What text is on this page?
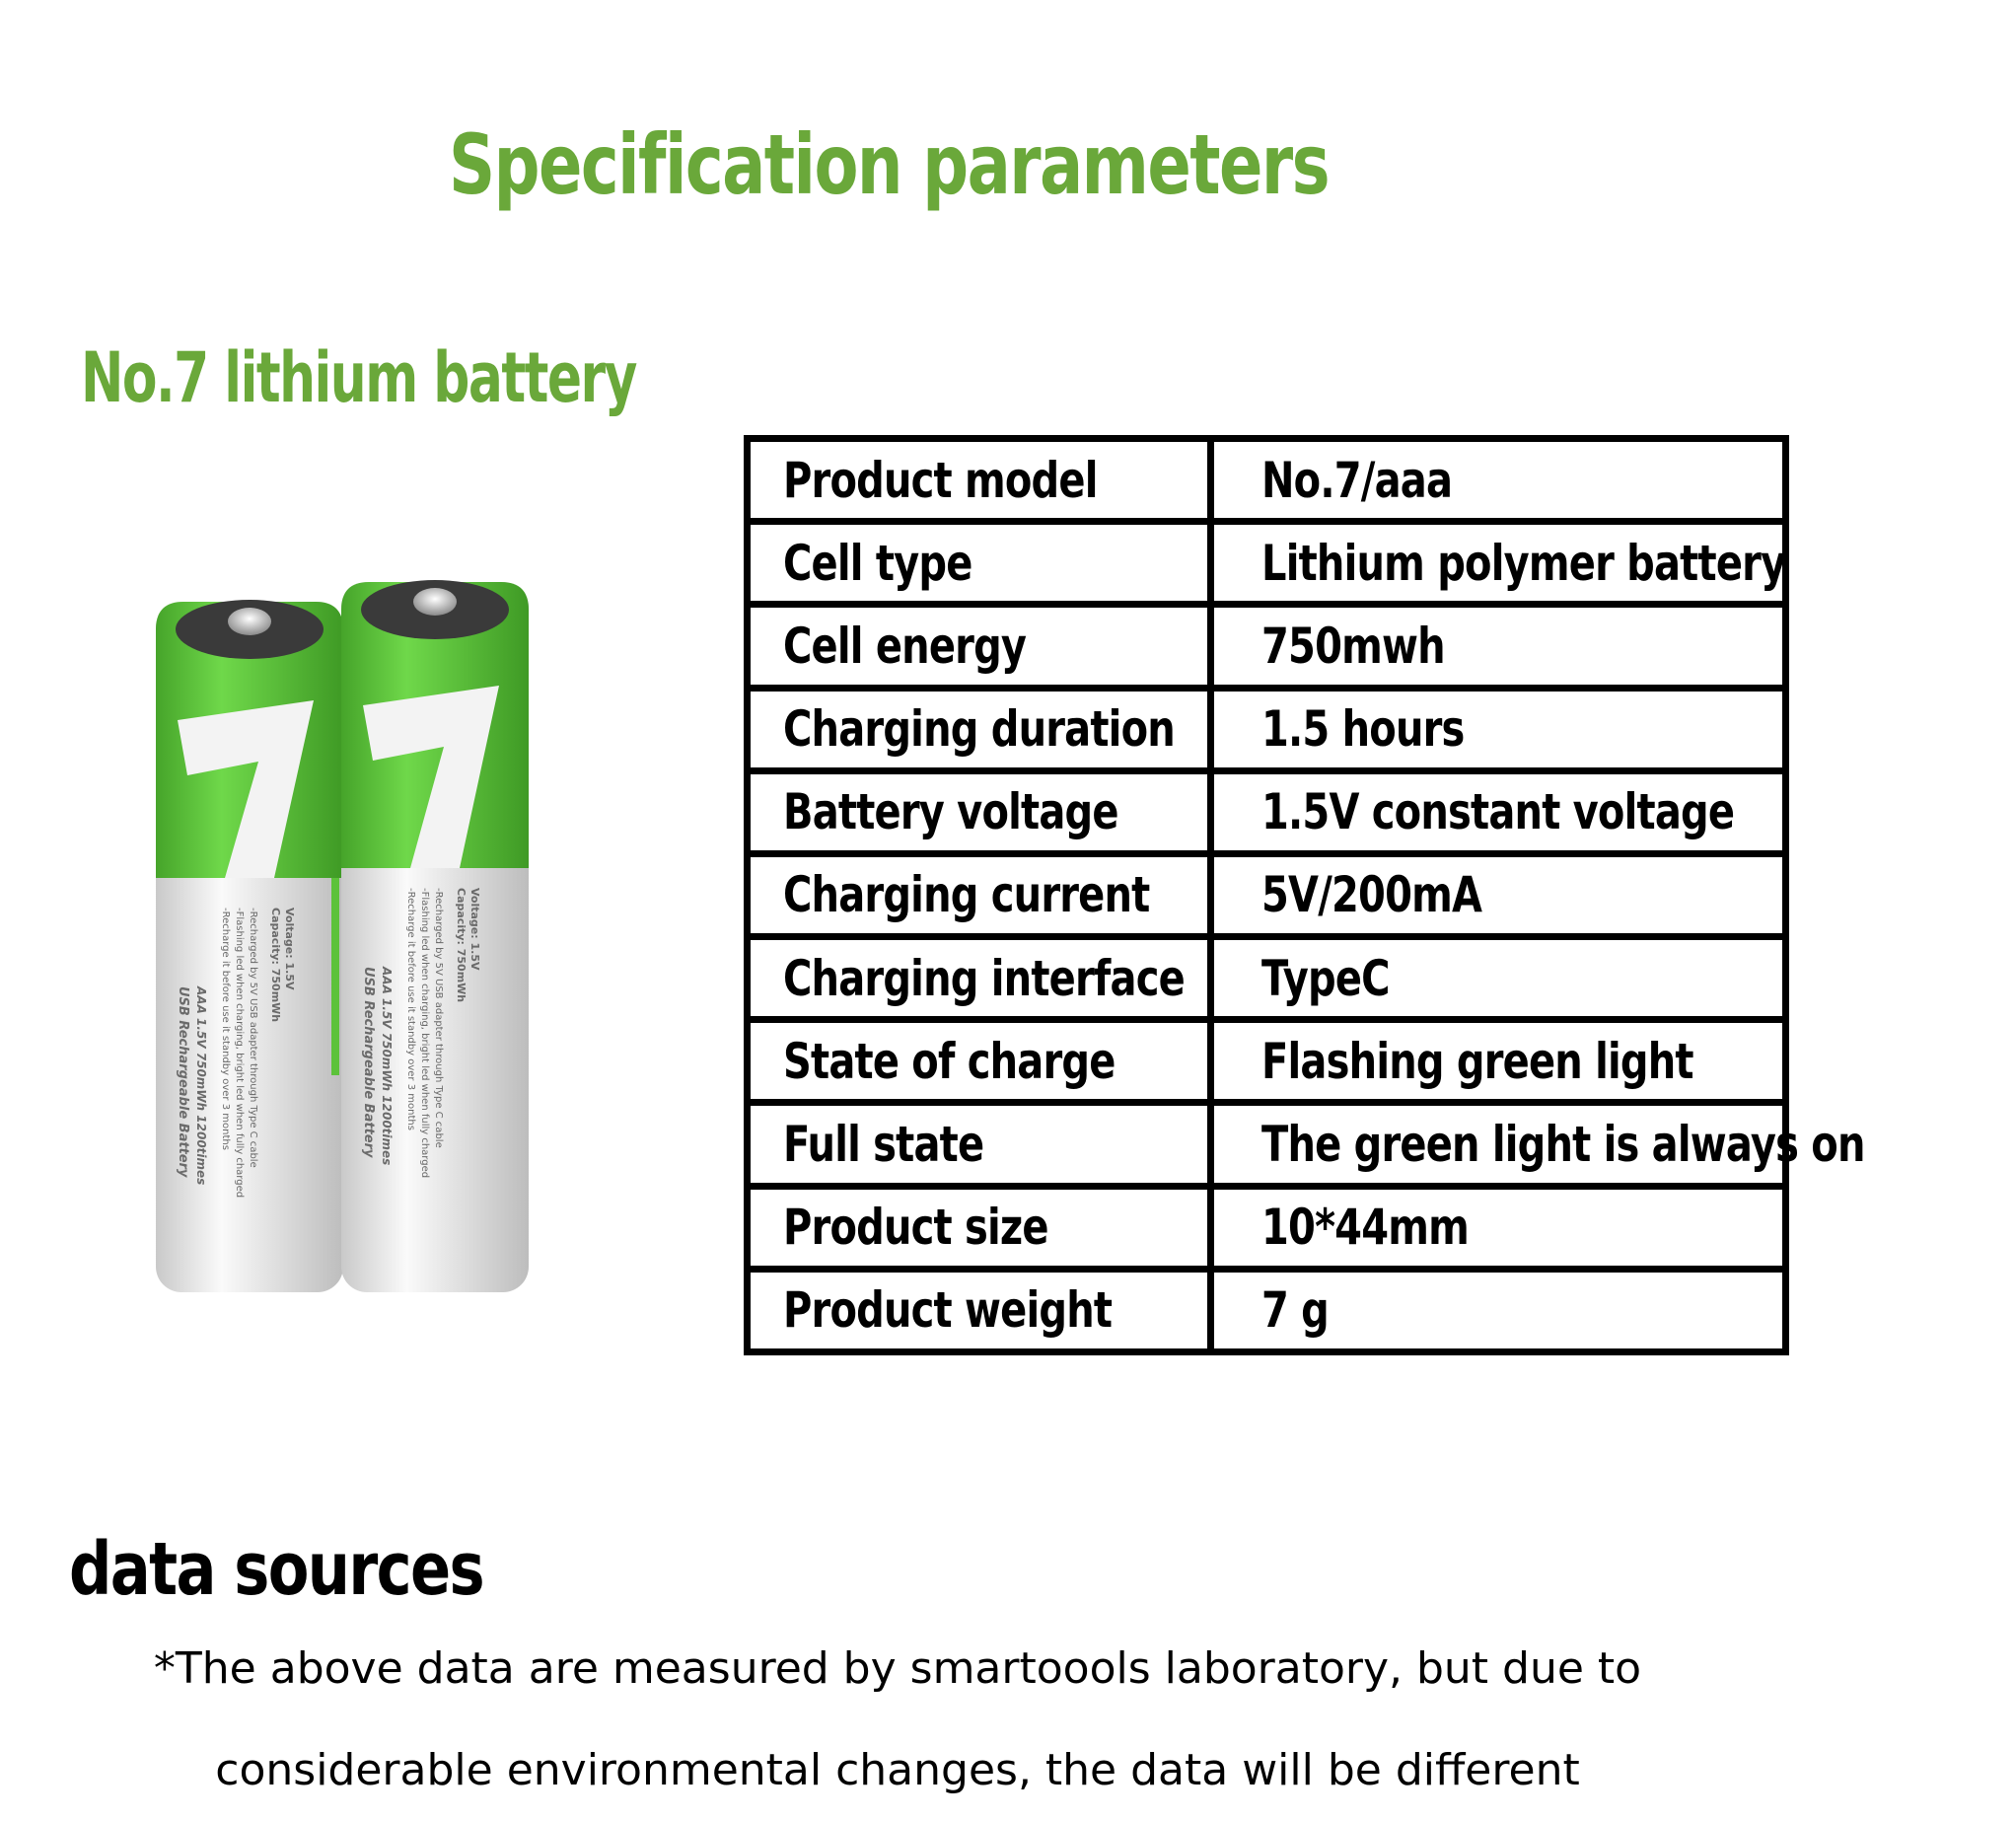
Specification parameters
No.7 lithium battery
Voltage: 1.5V
Capacity: 750mWh
-Recharged by 5V USB adapter through Type C cable
-Flashing led when charging, bright led when fully charged
-Recharge it before use it standby over 3 months
AAA 1.5V 750mWh 1200times
USB Rechargeable Battery
Voltage: 1.5V
Capacity: 750mWh
-Recharged by 5V USB adapter through Type C cable
-Flashing led when charging, bright led when fully charged
-Recharge it before use it standby over 3 months
AAA 1.5V 750mWh 1200times
USB Rechargeable Battery
Product model	No.7/aaa
Cell type	Lithium polymer battery
Cell energy	750mwh
Charging duration	1.5 hours
Battery voltage	1.5V constant voltage
Charging current	5V/200mA
Charging interface	TypeC
State of charge	Flashing green light
Full state	The green light is always on
Product size	10*44mm
Product weight	7 g
data sources
*The above data are measured by smartoools laboratory, but due to considerable environmental changes, the data will be different
